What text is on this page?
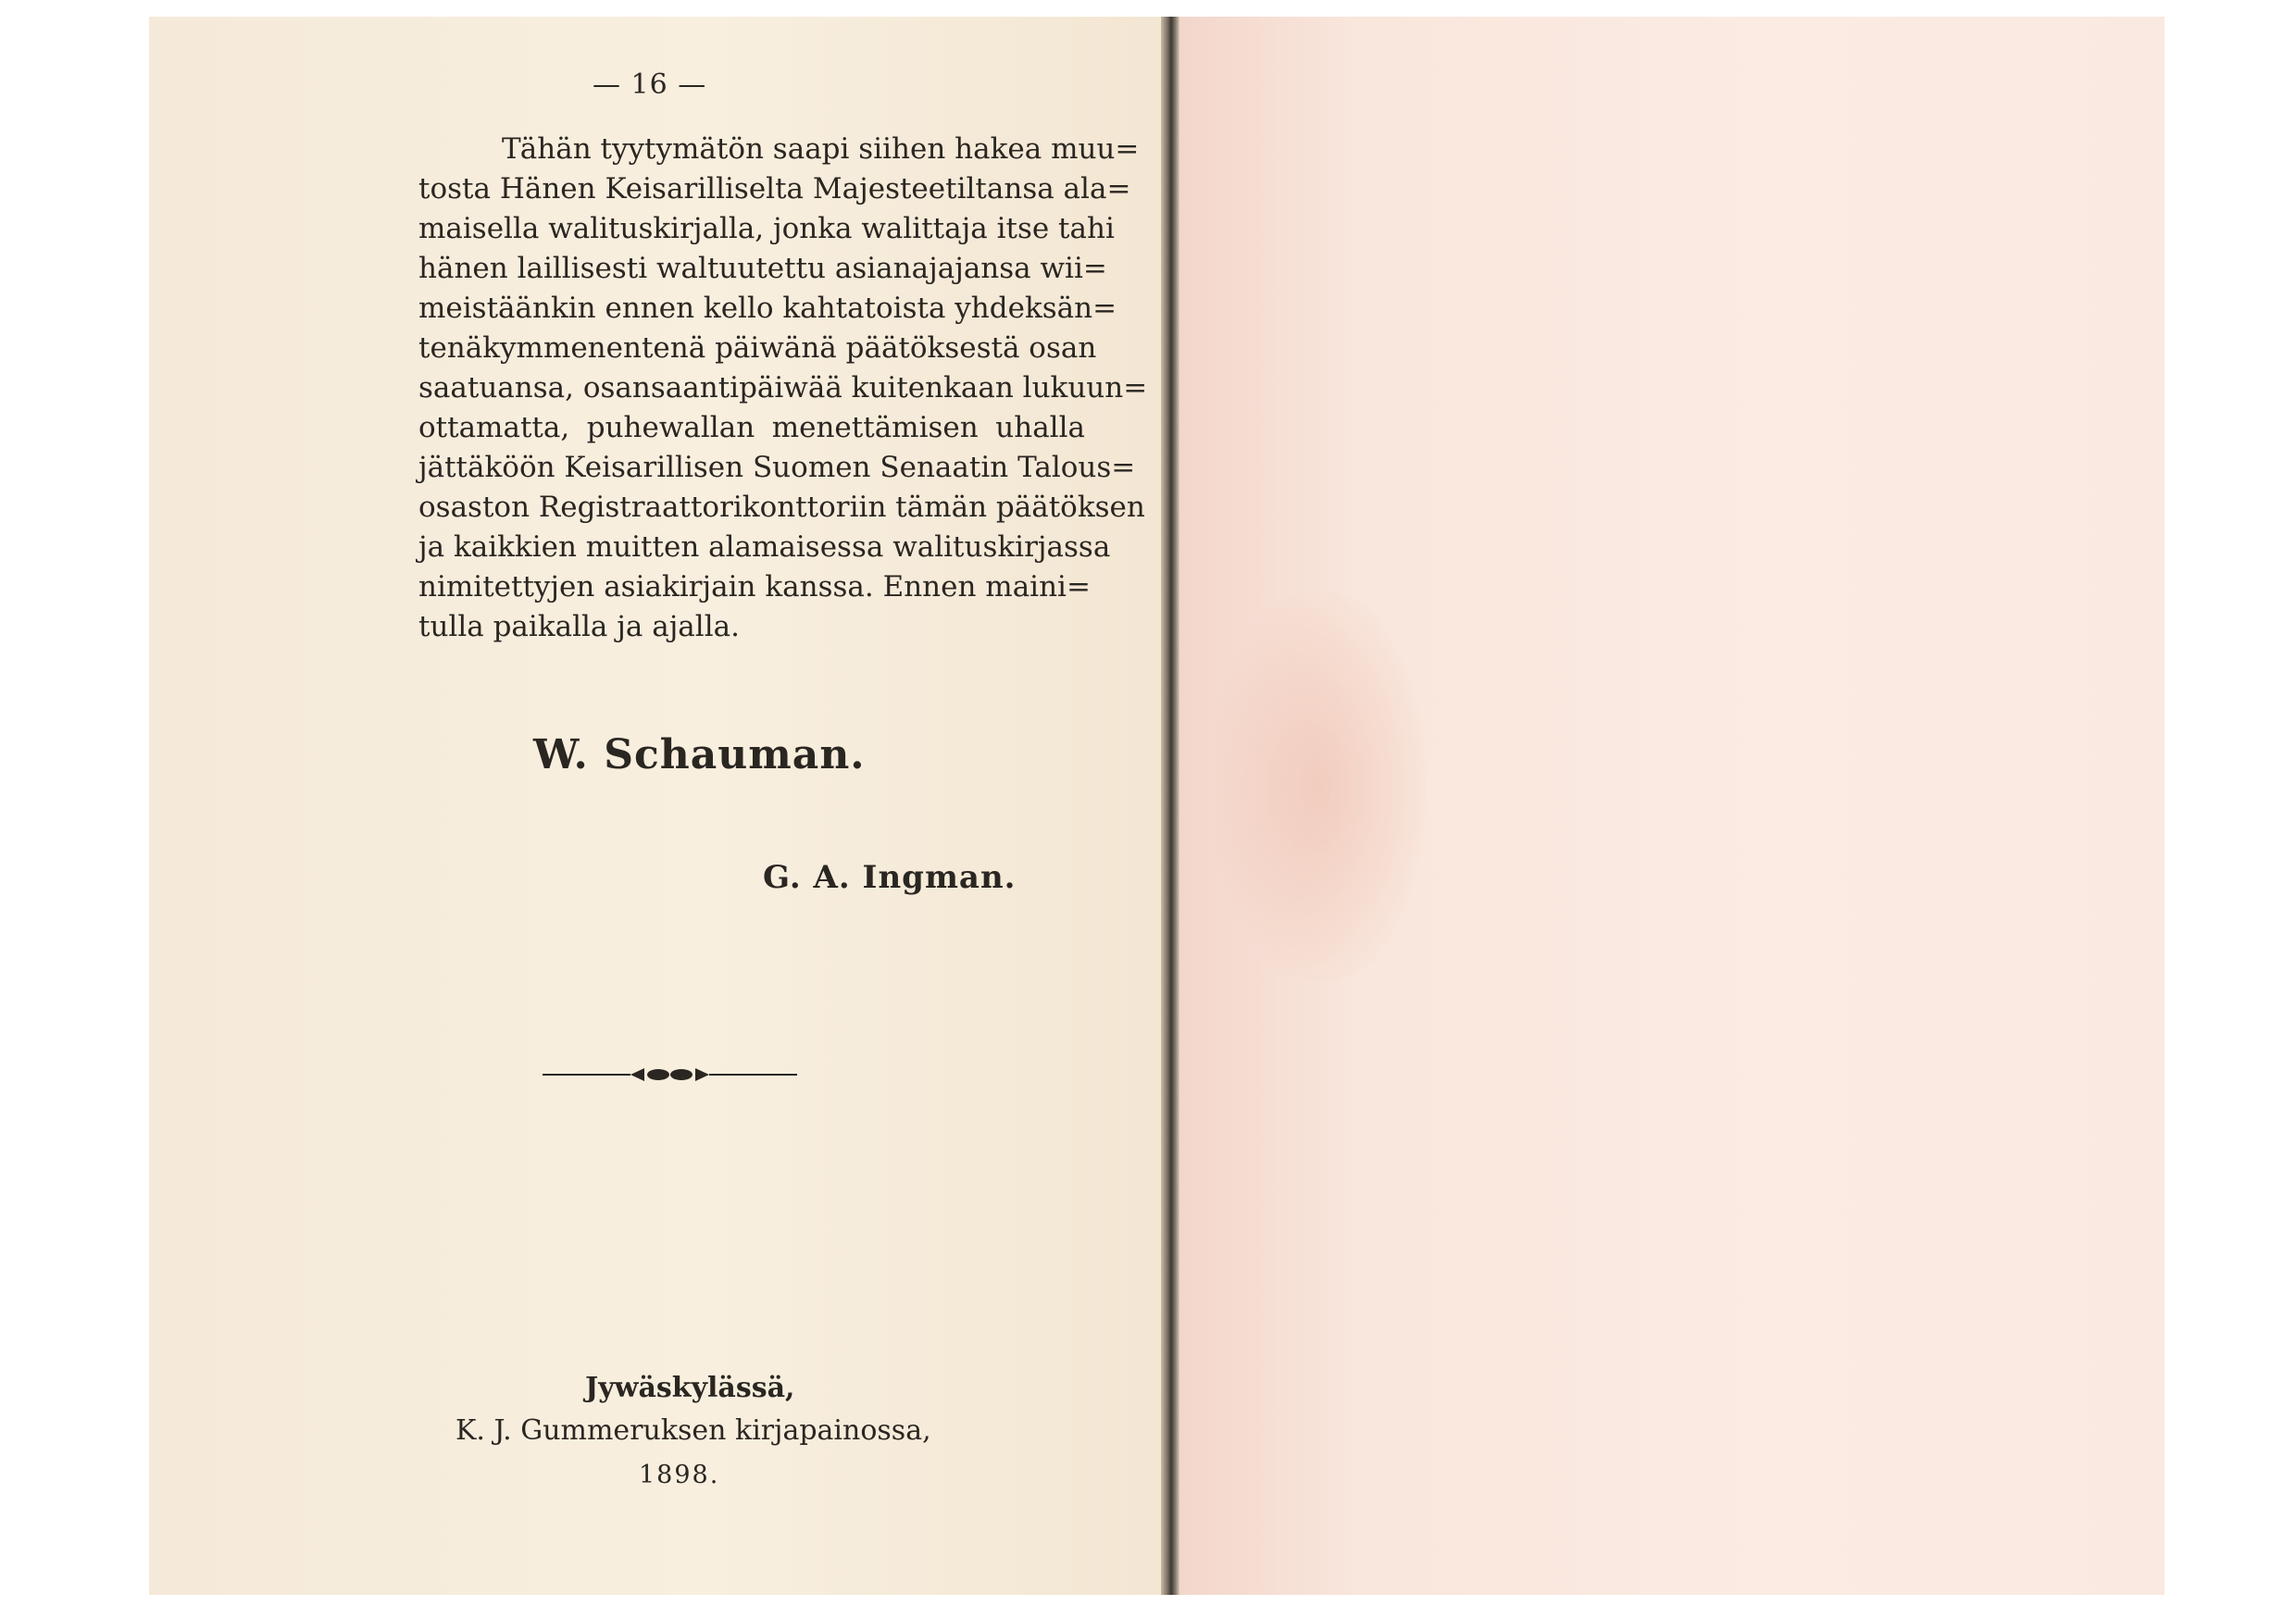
— 16 —
Tähän tyytymätön saapi siihen hakea muu=
tosta Hänen Keisarilliselta Majesteetiltansa ala=
maisella walituskirjalla, jonka walittaja itse tahi
hänen laillisesti waltuutettu asianajajansa wii=
meistäänkin ennen kello kahtatoista yhdeksän=
tenäkymmenentenä päiwänä päätöksestä osan
saatuansa, osansaantipäiwää kuitenkaan lukuun=
ottamatta, puhewallan menettämisen uhalla
jättäköön Keisarillisen Suomen Senaatin Talous=
osaston Registraattorikonttoriin tämän päätöksen
ja kaikkien muitten alamaisessa walituskirjassa
nimitettyjen asiakirjain kanssa. Ennen maini=
tulla paikalla ja ajalla.
W. Schauman.
G. A. Ingman.
Jywäskylässä,
K. J. Gummeruksen kirjapainossa,
1898.
